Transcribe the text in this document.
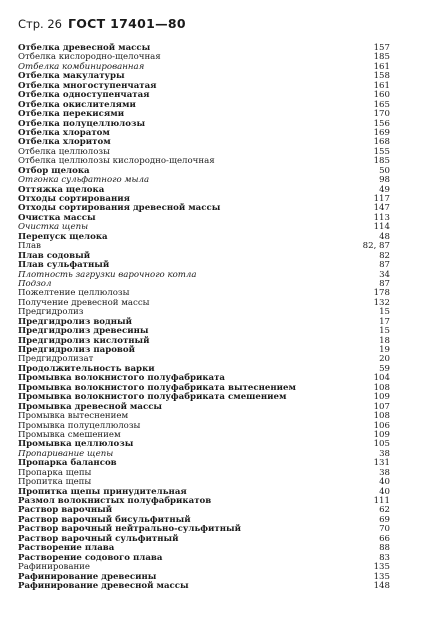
Стр. 26 ГОСТ 17401—80
Отбелка древесной массы	157
Отбелка кислородно-щелочная	185
Отбелка комбинированная	161
Отбелка макулатуры	158
Отбелка многоступенчатая	161
Отбелка одноступенчатая	160
Отбелка окислителями	165
Отбелка перекисями	170
Отбелка полуцеллюлозы	156
Отбелка хлоратом	169
Отбелка хлоритом	168
Отбелка целлюлозы	155
Отбелка целлюлозы кислородно-щелочная	185
Отбор щелока	50
Отгонка сульфатного мыла	98
Оттяжка щелока	49
Отходы сортирования	117
Отходы сортирования древесной массы	147
Очистка массы	113
Очистка щепы	114
Перепуск щелока	48
Плав	82, 87
Плав содовый	82
Плав сульфатный	87
Плотность загрузки варочного котла	34
Подзол	87
Пожелтение целлюлозы	178
Получение древесной массы	132
Предгидролиз	15
Предгидролиз водный	17
Предгидролиз древесины	15
Предгидролиз кислотный	18
Предгидролиз паровой	19
Предгидролизат	20
Продолжительность варки	59
Промывка волокнистого полуфабриката	104
Промывка волокнистого полуфабриката вытеснением	108
Промывка волокнистого полуфабриката смешением	109
Промывка древесной массы	107
Промывка вытеснением	108
Промывка полуцеллюлозы	106
Промывка смешением	109
Промывка целлюлозы	105
Пропаривание щепы	38
Пропарка балансов	131
Пропарка щепы	38
Пропитка щепы	40
Пропитка щепы принудительная	40
Размол волокнистых полуфабрикатов	111
Раствор варочный	62
Раствор варочный бисульфитный	69
Раствор варочный нейтрально-сульфитный	70
Раствор варочный сульфитный	66
Растворение плава	88
Растворение содового плава	83
Рафинирование	135
Рафинирование древесины	135
Рафинирование древесной массы	148
